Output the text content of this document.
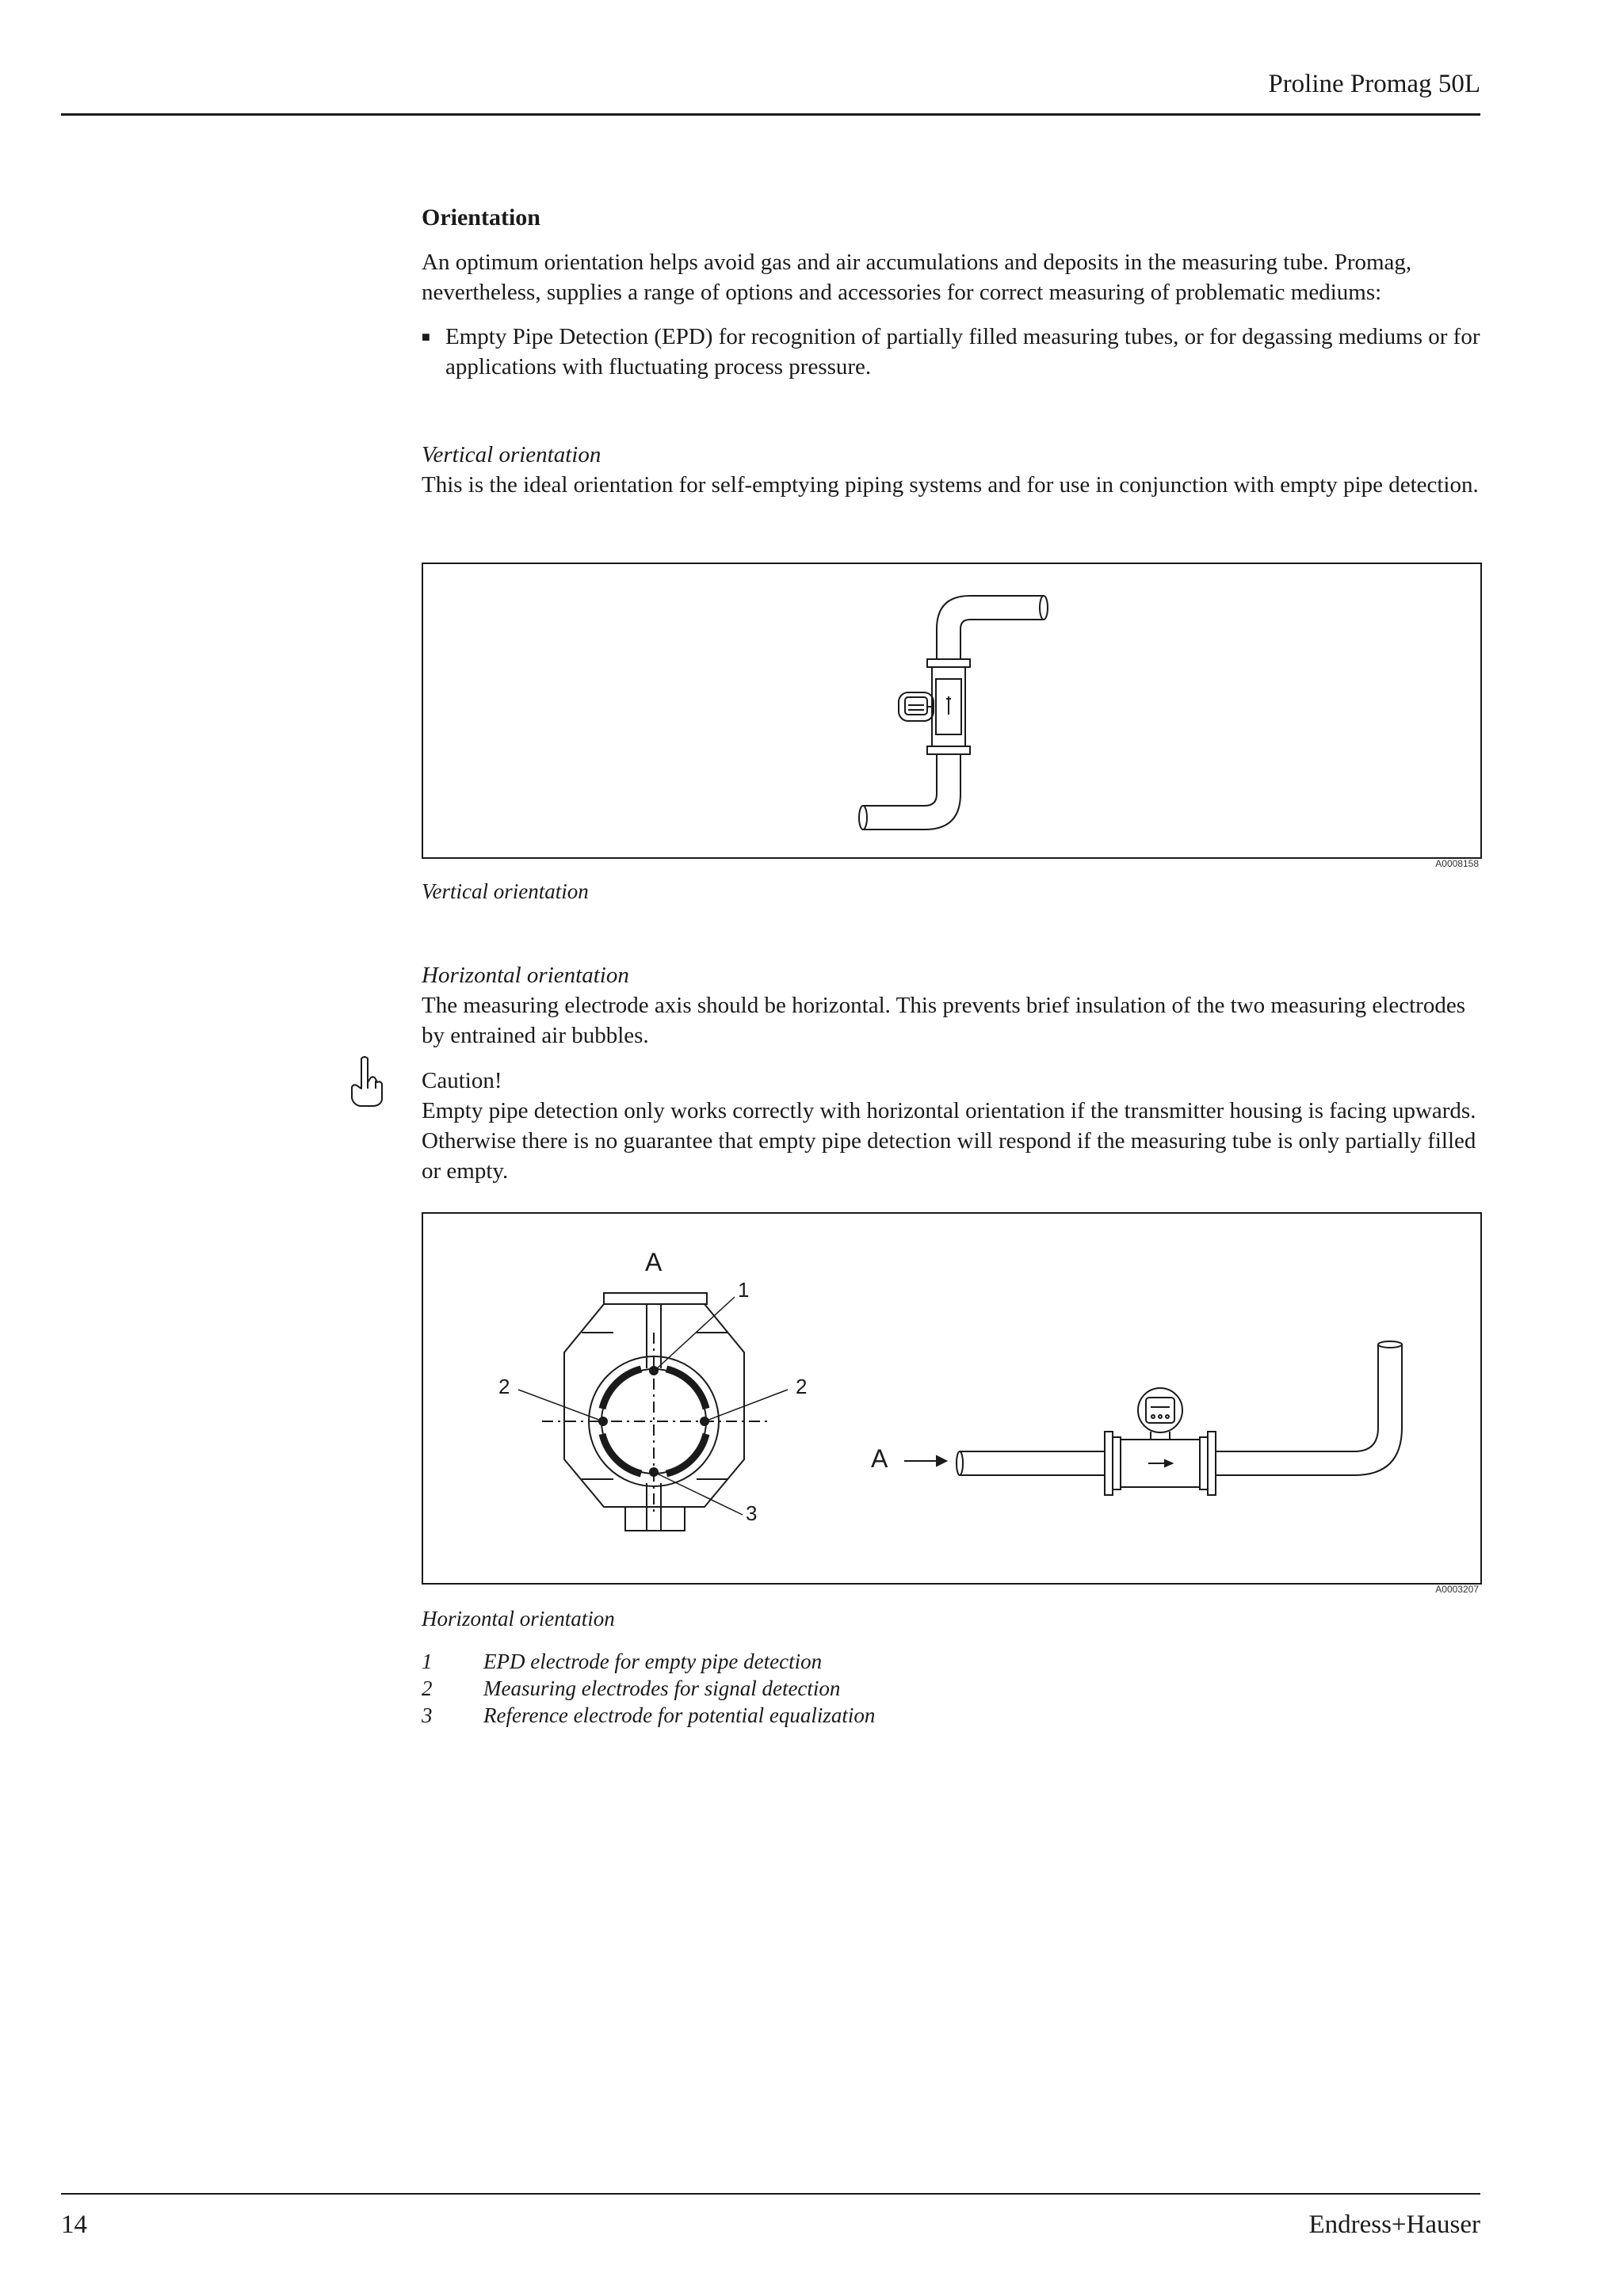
Proline Promag 50L
Orientation
An optimum orientation helps avoid gas and air accumulations and deposits in the measuring tube. Promag, nevertheless, supplies a range of options and accessories for correct measuring of problematic mediums:
■ Empty Pipe Detection (EPD) for recognition of partially filled measuring tubes, or for degassing mediums or for applications with fluctuating process pressure.
Vertical orientation
This is the ideal orientation for self-emptying piping systems and for use in conjunction with empty pipe detection.
A0008158
Vertical orientation
Horizontal orientation
The measuring electrode axis should be horizontal. This prevents brief insulation of the two measuring electrodes by entrained air bubbles.
Caution!
Empty pipe detection only works correctly with horizontal orientation if the transmitter housing is facing upwards. Otherwise there is no guarantee that empty pipe detection will respond if the measuring tube is only partially filled or empty.
A
1
2	2
3
A
A0003207
Horizontal orientation
1	EPD electrode for empty pipe detection
2	Measuring electrodes for signal detection
3	Reference electrode for potential equalization
14	Endress+Hauser
